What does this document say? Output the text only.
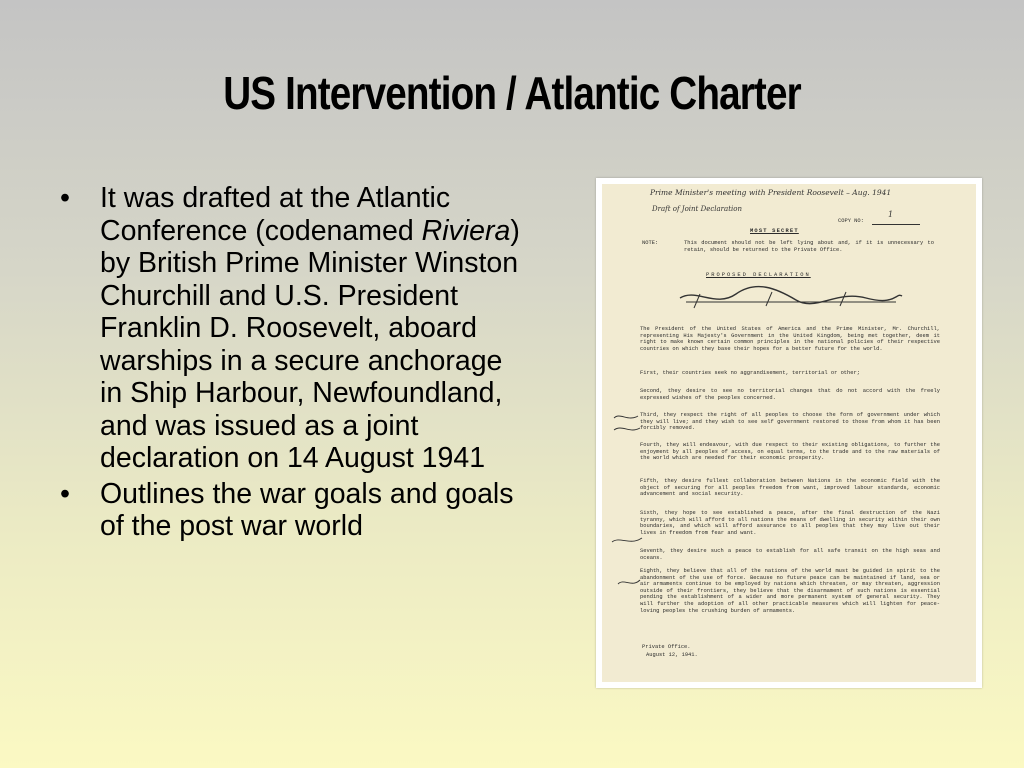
US Intervention / Atlantic Charter
• It was drafted at the Atlantic Conference (codenamed Riviera) by British Prime Minister Winston Churchill and U.S. President Franklin D. Roosevelt, aboard warships in a secure anchorage in Ship Harbour, Newfoundland, and was issued as a joint declaration on 14 August 1941
• Outlines the war goals and goals of the post war world
Prime Minister's meeting with President Roosevelt – Aug. 1941
Draft of Joint Declaration
COPY NO:
1
MOST SECRET
NOTE:	This document should not be left lying about and, if it is unnecessary to retain, should be returned to the Private Office.
PROPOSED DECLARATION
The President of the United States of America and the Prime Minister, Mr. Churchill, representing His Majesty's Government in the United Kingdom, being met together, deem it right to make known certain common principles in the national policies of their respective countries on which they base their hopes for a better future for the world.
First, their countries seek no aggrandisement, territorial or other;
Second, they desire to see no territorial changes that do not accord with the freely expressed wishes of the peoples concerned.
Third, they respect the right of all peoples to choose the form of government under which they will live; and they wish to see self government restored to those from whom it has been forcibly removed.
Fourth, they will endeavour, with due respect to their existing obligations, to further the enjoyment by all peoples of access, on equal terms, to the trade and to the raw materials of the world which are needed for their economic prosperity.
Fifth, they desire fullest collaboration between Nations in the economic field with the object of securing for all peoples freedom from want, improved labour standards, economic advancement and social security.
Sixth, they hope to see established a peace, after the final destruction of the Nazi tyranny, which will afford to all nations the means of dwelling in security within their own boundaries, and which will afford assurance to all peoples that they may live out their lives in freedom from fear and want.
Seventh, they desire such a peace to establish for all safe transit on the high seas and oceans.
Eighth, they believe that all of the nations of the world must be guided in spirit to the abandonment of the use of force. Because no future peace can be maintained if land, sea or air armaments continue to be employed by nations which threaten, or may threaten, aggression outside of their frontiers, they believe that the disarmament of such nations is essential pending the establishment of a wider and more permanent system of general security. They will further the adoption of all other practicable measures which will lighten for peace-loving peoples the crushing burden of armaments.
Private Office.
August 12, 1941.
